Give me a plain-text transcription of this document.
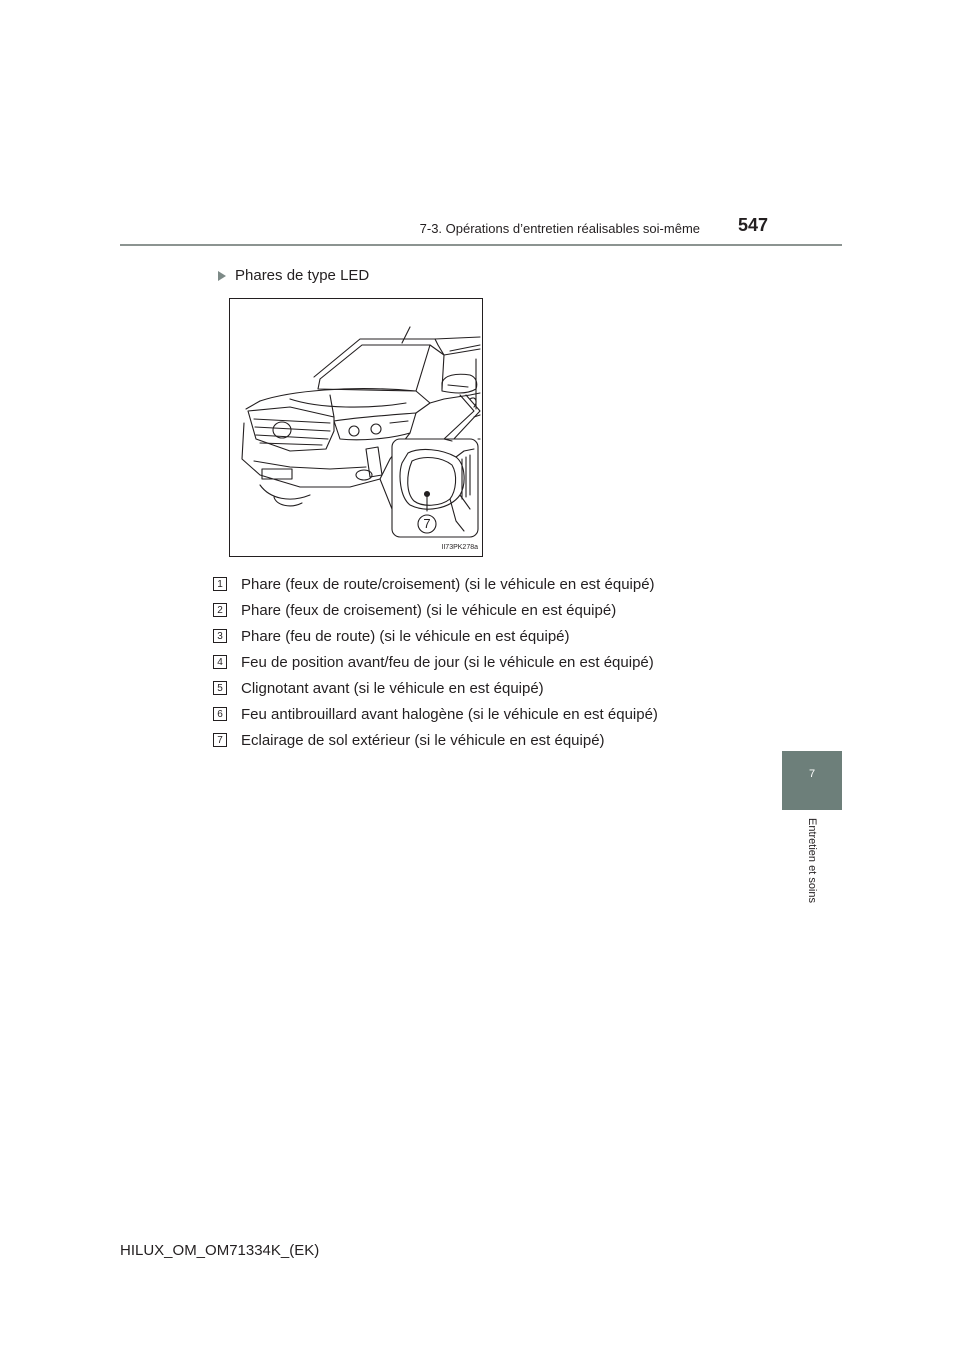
7-3. Opérations d’entretien réalisables soi-même 547
7
Entretien et soins
Phares de type LED
7
II73PK278a
1 Phare (feux de route/croisement) (si le véhicule en est équipé)
2 Phare (feux de croisement) (si le véhicule en est équipé)
3 Phare (feu de route) (si le véhicule en est équipé)
4 Feu de position avant/feu de jour (si le véhicule en est équipé)
5 Clignotant avant (si le véhicule en est équipé)
6 Feu antibrouillard avant halogène (si le véhicule en est équipé)
7 Eclairage de sol extérieur (si le véhicule en est équipé)
HILUX_OM_OM71334K_(EK)
